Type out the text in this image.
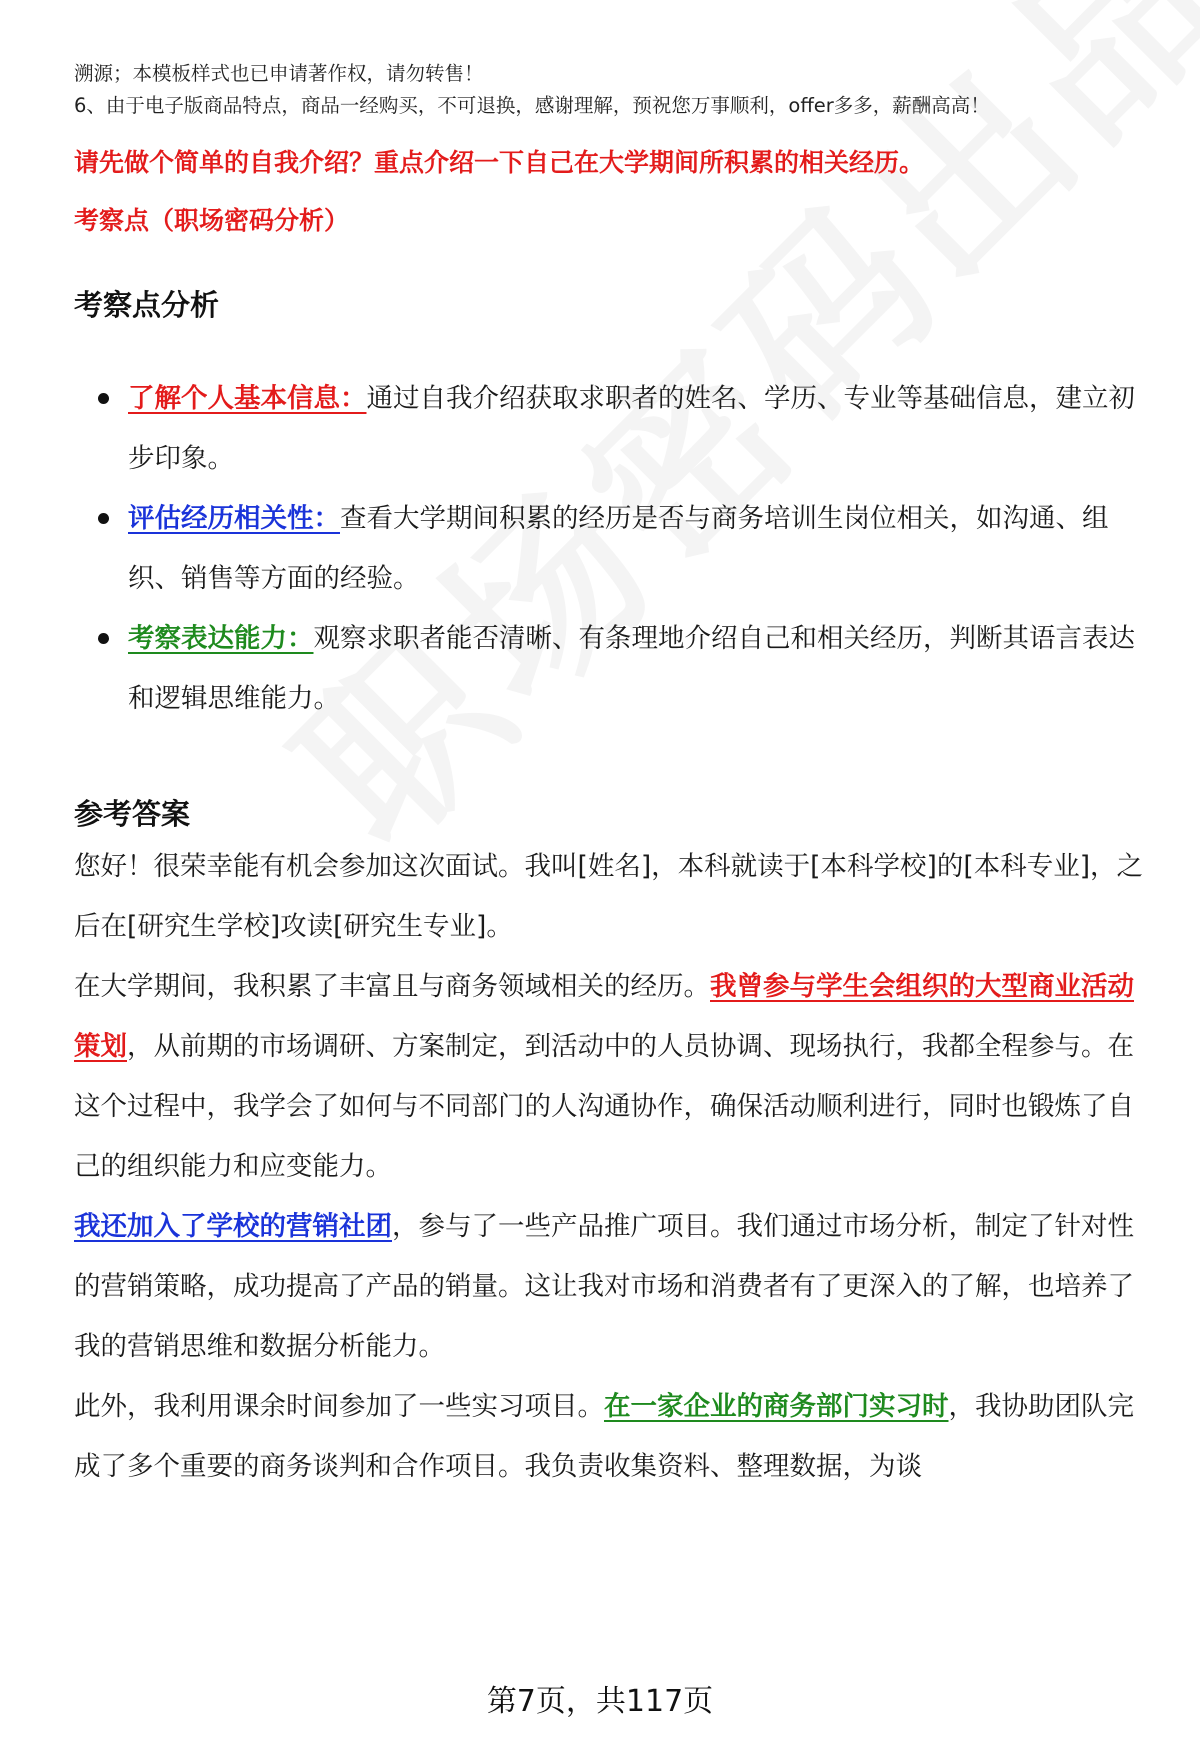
溯源；本模板样式也已申请著作权，请勿转售！

6、由于电子版商品特点，商品一经购买，不可退换，感谢理解，预祝您万事顺利，offer多多，薪酬高高！

请先做个简单的自我介绍？重点介绍一下自己在大学期间所积累的相关经历。

考察点（职场密码分析）

考察点分析
了解个人基本信息：通过自我介绍获取求职者的姓名、学历、专业等基础信息，建立初步印象。
评估经历相关性：查看大学期间积累的经历是否与商务培训生岗位相关，如沟通、组织、销售等方面的经验。
考察表达能力：观察求职者能否清晰、有条理地介绍自己和相关经历，判断其语言表达和逻辑思维能力。
参考答案

您好！很荣幸能有机会参加这次面试。我叫[姓名]，本科就读于[本科学校]的[本科专业]，之后在[研究生学校]攻读[研究生专业]。

在大学期间，我积累了丰富且与商务领域相关的经历。我曾参与学生会组织的大型商业活动策划，从前期的市场调研、方案制定，到活动中的人员协调、现场执行，我都全程参与。在这个过程中，我学会了如何与不同部门的人沟通协作，确保活动顺利进行，同时也锻炼了自己的组织能力和应变能力。

我还加入了学校的营销社团，参与了一些产品推广项目。我们通过市场分析，制定了针对性的营销策略，成功提高了产品的销量。这让我对市场和消费者有了更深入的了解，也培养了我的营销思维和数据分析能力。

此外，我利用课余时间参加了一些实习项目。在一家企业的商务部门实习时，我协助团队完成了多个重要的商务谈判和合作项目。我负责收集资料、整理数据，为谈

第7页，共117页
